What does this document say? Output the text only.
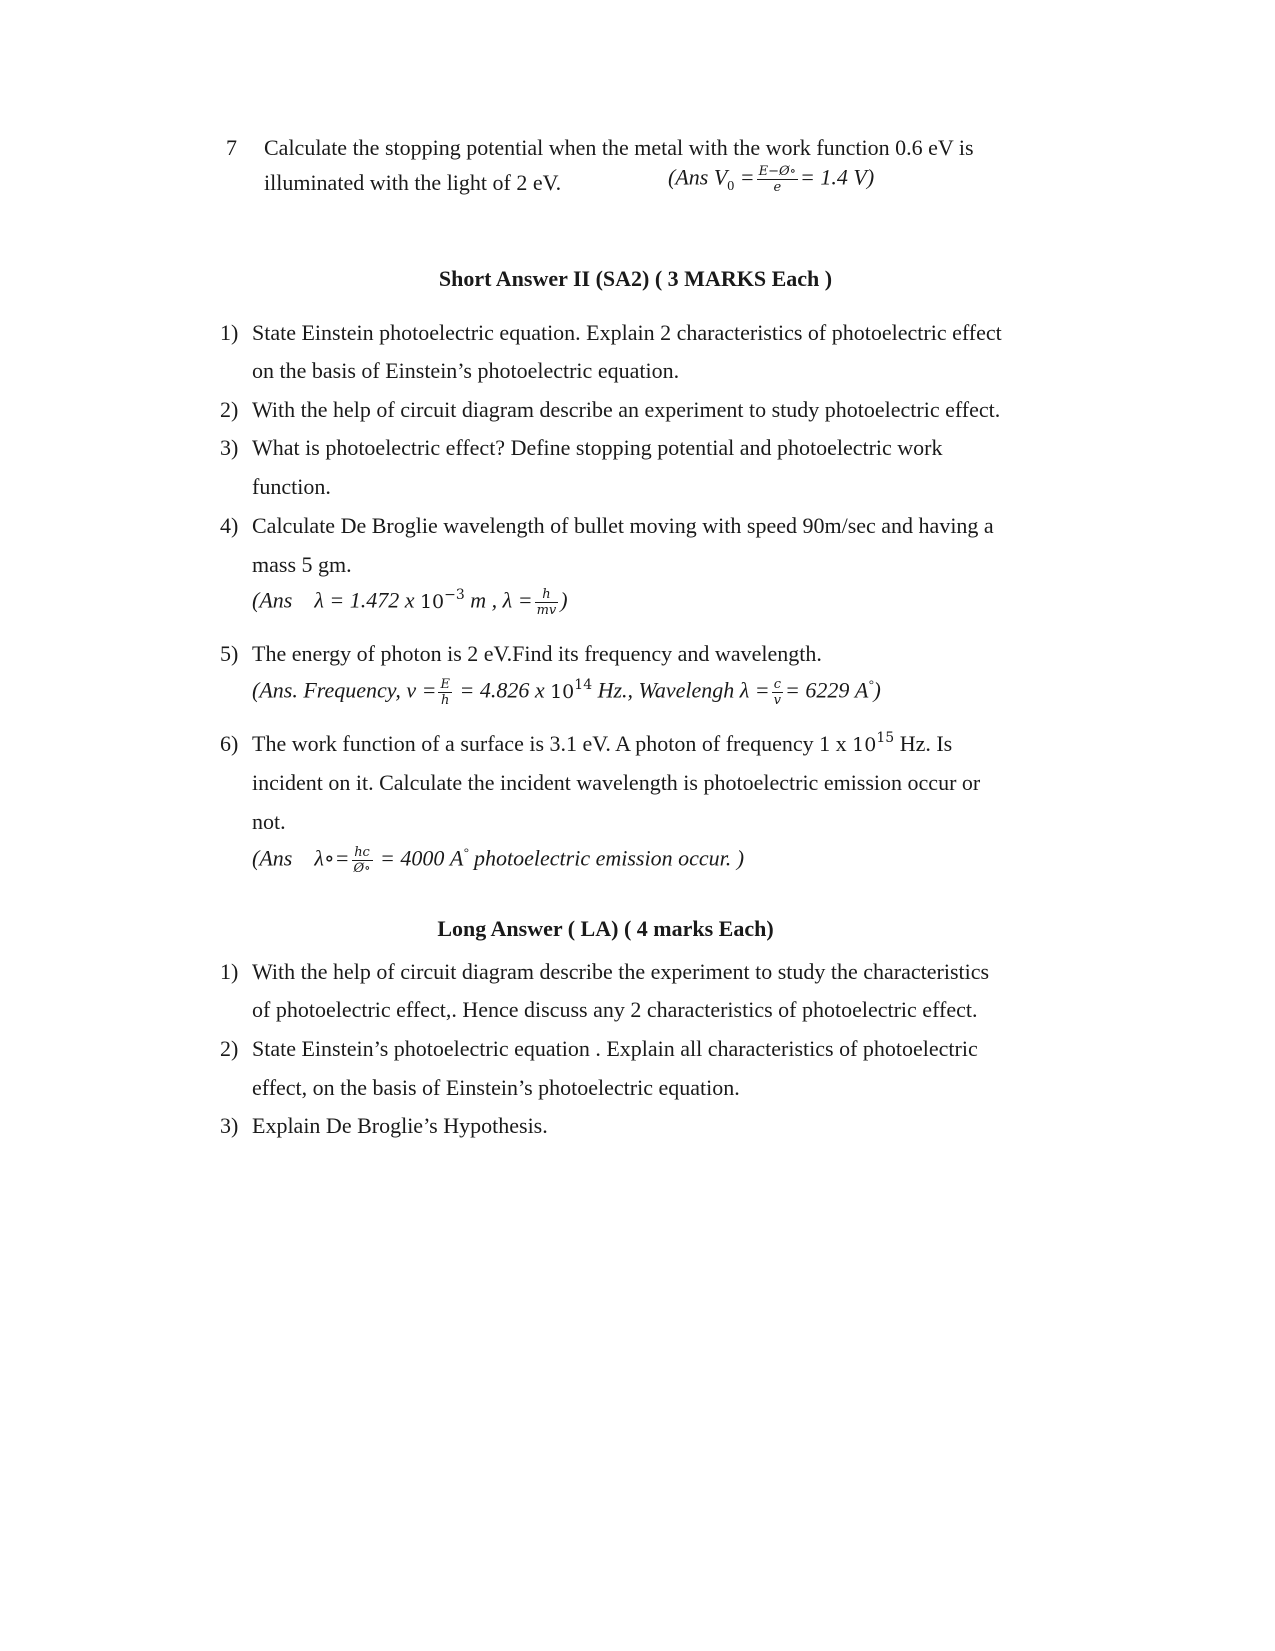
7 Calculate the stopping potential when the metal with the work function 0.6 eV is
illuminated with the light of 2 eV.	(Ans $V_0 = \frac{E-Ø\circ}{e} = 1.4$ V)
Short Answer II (SA2) ( 3 MARKS Each )
1) State Einstein photoelectric equation. Explain 2 characteristics of photoelectric effect
on the basis of Einstein’s photoelectric equation.
2) With the help of circuit diagram describe an experiment to study photoelectric effect.
3) What is photoelectric effect? Define stopping potential and photoelectric work
function.
4) Calculate De Broglie wavelength of bullet moving with speed 90m/sec and having a
mass 5 gm.
(Ans λ = 1.472 x $10^{-3}$ m , $\lambda = \frac{h}{mv}$ )
5) The energy of photon is 2 eV.Find its frequency and wavelength.
(Ans. Frequency, $v = \frac{E}{h} = 4.826$ x $10^{14}$ Hz., Wavelengh $\lambda = \frac{c}{v} = 6229$ A°)
6) The work function of a surface is 3.1 eV. A photon of frequency 1 x $10^{15}$ Hz. Is
incident on it. Calculate the incident wavelength is photoelectric emission occur or
not.
(Ans λ∘= $\frac{hc}{Ø\circ} = 4000$ A° photoelectric emission occur. )
Long Answer ( LA) ( 4 marks Each)
1) With the help of circuit diagram describe the experiment to study the characteristics
of photoelectric effect,. Hence discuss any 2 characteristics of photoelectric effect.
2) State Einstein’s photoelectric equation . Explain all characteristics of photoelectric
effect, on the basis of Einstein’s photoelectric equation.
3) Explain De Broglie’s Hypothesis.
